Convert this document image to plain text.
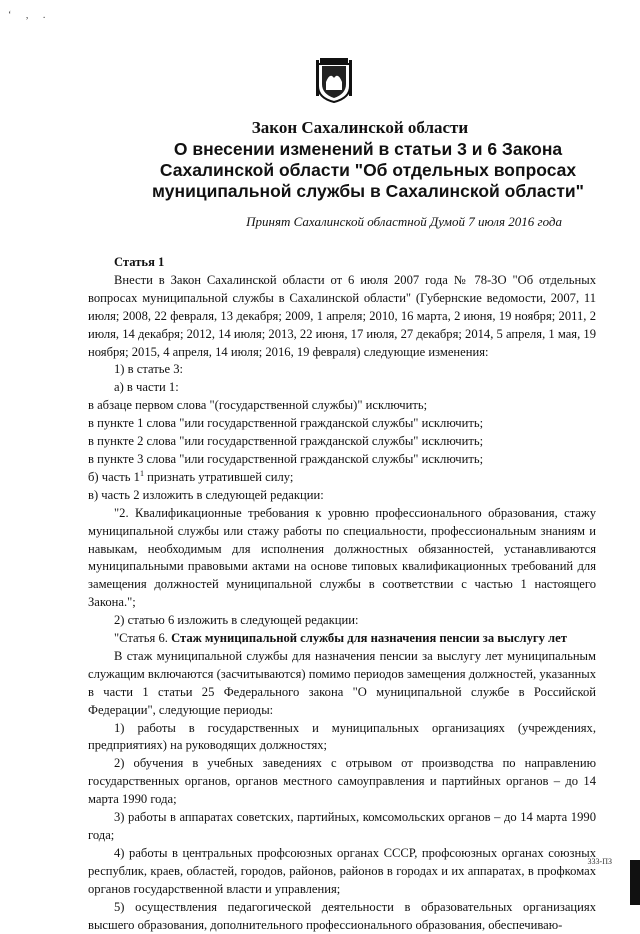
‘ , .
Закон Сахалинской области
О внесении изменений в статьи 3 и 6 Закона
Сахалинской области "Об отдельных вопросах
муниципальной службы в Сахалинской области"
Принят Сахалинской областной Думой 7 июля 2016 года

Статья 1

Внести в Закон Сахалинской области от 6 июля 2007 года № 78-ЗО "Об отдельных вопросах муниципальной службы в Сахалинской области" (Губернские ведомости, 2007, 11 июля; 2008, 22 февраля, 13 декабря; 2009, 1 апреля; 2010, 16 марта, 2 июня, 19 ноября; 2011, 2 июля, 14 декабря; 2012, 14 июля; 2013, 22 июня, 17 июля, 27 декабря; 2014, 5 апреля, 1 мая, 19 ноября; 2015, 4 апреля, 14 июля; 2016, 19 февраля) следующие изменения:

1) в статье 3:

а) в части 1:

в абзаце первом слова "(государственной службы)" исключить;

в пункте 1 слова "или государственной гражданской службы" исключить;

в пункте 2 слова "или государственной гражданской службы" исключить;

в пункте 3 слова "или государственной гражданской службы" исключить;

б) часть $1^1$ признать утратившей силу;

в) часть 2 изложить в следующей редакции:

"2. Квалификационные требования к уровню профессионального образования, стажу муниципальной службы или стажу работы по специальности, профессиональным знаниям и навыкам, необходимым для исполнения должностных обязанностей, устанавливаются муниципальными правовыми актами на основе типовых квалификационных требований для замещения должностей муниципальной службы в соответствии с частью 1 настоящего Закона.";

2) статью 6 изложить в следующей редакции:

"Статья 6. Стаж муниципальной службы для назначения пенсии за выслугу лет

В стаж муниципальной службы для назначения пенсии за выслугу лет муниципальным служащим включаются (засчитываются) помимо периодов замещения должностей, указанных в части 1 статьи 25 Федерального закона "О муниципальной службе в Российской Федерации", следующие периоды:

1) работы в государственных и муниципальных организациях (учреждениях, предприятиях) на руководящих должностях;

2) обучения в учебных заведениях с отрывом от производства по направлению государственных органов, органов местного самоуправления и партийных органов – до 14 марта 1990 года;

3) работы в аппаратах советских, партийных, комсомольских органов – до 14 марта 1990 года;

4) работы в центральных профсоюзных органах СССР, профсоюзных органах союзных республик, краев, областей, городов, районов, районов в городах и их аппаратах, в профкомах органов государственной власти и управления;

5) осуществления педагогической деятельности в образовательных организациях высшего образования, дополнительного профессионального образования, обеспечиваю-

333-ПЗ
